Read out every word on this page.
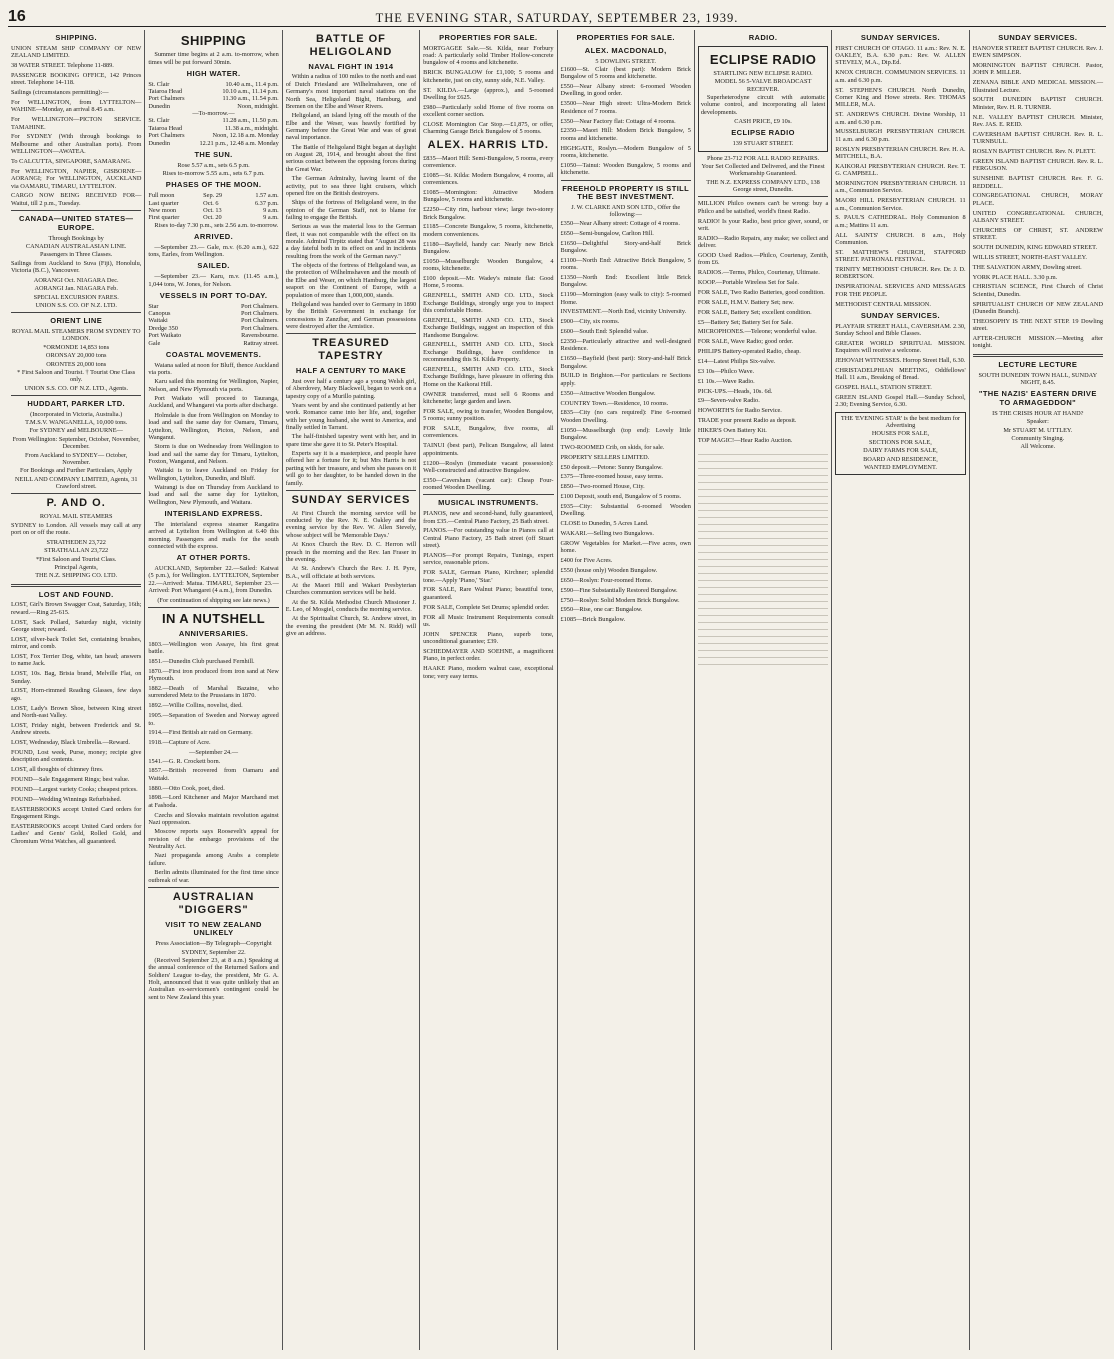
16	THE EVENING STAR, SATURDAY, SEPTEMBER 23, 1939.
SHIPPING.

UNION STEAM SHIP COMPANY OF NEW ZEALAND LIMITED.

38 WATER STREET. Telephone 11-889.

PASSENGER BOOKING OFFICE, 142 Princes street. Telephone 14-118.

Sailings (circumstances permitting):—

For WELLINGTON, from LYTTELTON—WAHINE—Monday, an arrival 8.45 a.m.

For WELLINGTON—PICTON SERVICE. TAMAHINE.

For SYDNEY (With through bookings to Melbourne and other Australian ports). From WELLINGTON—AWATEA.

To CALCUTTA, SINGAPORE, SAMARANG.

For WELLINGTON, NAPIER, GISBORNE—AORANGI; For WELLINGTON, AUCKLAND via OAMARU, TIMARU, LYTTELTON.

CARGO NOW BEING RECEIVED FOR— Waitui, till 2 p.m., Tuesday.

CANADA—UNITED STATES— EUROPE.

Through Bookings by

CANADIAN AUSTRALASIAN LINE.

Passengers in Three Classes.

Sailings from Auckland to Suva (Fiji), Honolulu, Victoria (B.C.), Vancouver.

AORANGI Oct. NIAGARA Dec.

AORANGI Jan. NIAGARA Feb.

SPECIAL EXCURSION FARES.

UNION S.S. CO. OF N.Z. LTD.

ORIENT LINE

ROYAL MAIL STEAMERS FROM SYDNEY TO LONDON.

*ORMONDE 14,853 tons

ORONSAY 20,000 tons

ORONTES 20,000 tons

* First Saloon and Tourist. † Tourist One Class only.

UNION S.S. CO. OF N.Z. LTD., Agents.

HUDDART, PARKER LTD.

(Incorporated in Victoria, Australia.)

T.M.S.V. WANGANELLA, 10,000 tons.

For SYDNEY and MELBOURNE—

From Wellington: September, October, November, December.

From Auckland to SYDNEY— October, November.

For Bookings and Further Particulars, Apply

NEILL AND COMPANY LIMITED, Agents, 31 Crawford street.

P. AND O.

ROYAL MAIL STEAMERS

SYDNEY to London. All vessels may call at any port on or off the route.

STRATHEDEN 23,722

STRATHALLAN 23,722

*First Saloon and Tourist Class.

Principal Agents,

THE N.Z. SHIPPING CO. LTD.

LOST AND FOUND.

LOST, Girl's Brown Swagger Coat, Saturday, 16th; reward.—Ring 25-615.

LOST, Sack Pollard, Saturday night, vicinity George street; reward.

LOST, silver-back Toilet Set, containing brushes, mirror, and comb.

LOST, Fox Terrier Dog, white, tan head; answers to name Jack.

LOST, 10s. Bag, Brisia brand, Melville Flat, on Sunday.

LOST, Horn-rimmed Reading Glasses, few days ago.

LOST, Lady's Brown Shoe, between King street and North-east Valley.

LOST, Friday night, between Frederick and St. Andrew streets.

LOST, Wednesday, Black Umbrella.—Reward.

FOUND, Lost week, Purse, money; recipie give description and contents.

LOST, all thoughts of chimney fires.

FOUND—Sale Engagement Rings; best value.

FOUND—Largest variety Cooks; cheapest prices.

FOUND—Wedding Winnings Refurbished.

EASTERBROOKS accept United Card orders for Engagement Rings.

EASTERBROOKS accept United Card orders for Ladies' and Gents' Gold, Rolled Gold, and Chromium Wrist Watches, all guaranteed.

SHIPPING

Summer time begins at 2 a.m. to-morrow, when times will be put forward 30min.

HIGH WATER.
St. Clair	10.40 a.m., 11.4 p.m.
Taiaroa Head	10.10 a.m., 11.14 p.m.
Port Chalmers	11.30 a.m., 11.54 p.m.
Dunedin	Noon, midnight.
—To-morrow.—	
St. Clair	11.28 a.m., 11.50 p.m.
Taiaroa Head	11.38 a.m., midnight.
Port Chalmers	Noon, 12.18 a.m. Monday
Dunedin	12.21 p.m., 12.48 a.m. Monday
THE SUN.

Rose 5.57 a.m., sets 6.5 p.m.

Rises to-morrow 5.55 a.m., sets 6.7 p.m.

PHASES OF THE MOON.
Full moon	Sep. 29	1.57 a.m.
Last quarter	Oct. 6	6.37 p.m.
New moon	Oct. 13	9 a.m.
First quarter	Oct. 20	9 a.m.

Rises to-day 7.30 p.m., sets 2.56 a.m. to-morrow.

ARRIVED.

—September 23.— Gale, m.v. (6.20 a.m.), 622 tons, Earles, from Wellington.

SAILED.

—September 23.— Karu, m.v. (11.45 a.m.), 1,044 tons, W. Jones, for Nelson.

VESSELS IN PORT TO-DAY.
Star	Port Chalmers.
Canopus	Port Chalmers.
Waitaki	Port Chalmers.
Dredge 350	Port Chalmers.
Port Waikato	Ravensbourne.
Gale	Rattray street.
COASTAL MOVEMENTS.

Waiana sailed at noon for Bluff, thence Auckland via ports.

Karu sailed this morning for Wellington, Napier, Nelson, and New Plymouth via ports.

Port Waikato will proceed to Tauranga, Auckland, and Whangarei via ports after discharge.

Holmdale is due from Wellington on Monday to load and sail the same day for Oamaru, Timaru, Lyttelton, Wellington, Picton, Nelson, and Wanganui.

Storm is due on Wednesday from Wellington to load and sail the same day for Timaru, Lyttelton, Foxton, Wanganui, and Nelson.

Waitaki is to leave Auckland on Friday for Wellington, Lyttelton, Dunedin, and Bluff.

Wairangi is due on Thursday from Auckland to load and sail the same day for Lyttelton, Wellington, New Plymouth, and Waitara.

INTERISLAND EXPRESS.

The interisland express steamer Rangatira arrived at Lyttelton from Wellington at 6.40 this morning. Passengers and mails for the south connected with the express.

AT OTHER PORTS.

AUCKLAND, September 22.—Sailed: Kaiwai (5 p.m.), for Wellington. LYTTELTON, September 22.—Arrived: Matua. TIMARU, September 23.—Arrived: Port Whangarei (4 a.m.), from Dunedin.

(For continuation of shipping see late news.)

IN A NUTSHELL
ANNIVERSARIES.

1803.—Wellington won Assaye, his first great battle.

1851.—Dunedin Club purchased Fernhill.

1870.—First iron produced from iron sand at New Plymouth.

1882.—Death of Marshal Bazaine, who surrendered Metz to the Prussians in 1870.

1892.—Willie Collins, novelist, died.

1905.—Separation of Sweden and Norway agreed to.

1914.—First British air raid on Germany.

1918.—Capture of Acre.

—September 24.—

1541.—G. R. Crockett born.

1857.—British recovered from Oamaru and Waitaki.

1880.—Otto Cook, poet, died.

1898.—Lord Kitchener and Major Marchand met at Fashoda.

Czechs and Slovaks maintain revolution against Nazi oppression.

Moscow reports says Roosevelt's appeal for revision of the embargo provisions of the Neutrality Act.

Nazi propaganda among Arabs a complete failure.

Berlin admits illuminated for the first time since outbreak of war.

AUSTRALIAN "DIGGERS"
VISIT TO NEW ZEALAND UNLIKELY

Press Association—By Telegraph—Copyright

SYDNEY, September 22.

(Received September 23, at 8 a.m.) Speaking at the annual conference of the Returned Sailors and Soldiers' League to-day, the president, Mr G. A. Holt, announced that it was quite unlikely that an Australian ex-servicemen's contingent could be sent to New Zealand this year.

BATTLE OF HELIGOLAND
NAVAL FIGHT IN 1914

Within a radius of 100 miles to the north and east of Dutch Friesland are Wilhelmshaven, one of Germany's most important naval stations on the North Sea, Heligoland Bight, Hamburg, and Bremen on the Elbe and Weser Rivers.

Heligoland, an island lying off the mouth of the Elbe and the Weser, was heavily fortified by Germany before the Great War and was of great naval importance.

The Battle of Heligoland Bight began at daylight on August 28, 1914, and brought about the first serious contact between the opposing forces during the Great War.

The German Admiralty, having learnt of the activity, put to sea three light cruisers, which opened fire on the British destroyers.

Ships of the fortress of Heligoland were, in the opinion of the German Staff, not to blame for failing to engage the British.

Serious as was the material loss to the German fleet, it was not comparable with the effect on its morale. Admiral Tirpitz stated that "August 28 was a day fateful both in its effect on and in incidents resulting from the work of the German navy."

The objects of the fortress of Heligoland was, as the protection of Wilhelmshaven and the mouth of the Elbe and Weser, on which Hamburg, the largest seaport on the Continent of Europe, with a population of more than 1,000,000, stands.

Heligoland was handed over to Germany in 1890 by the British Government in exchange for concessions in Zanzibar, and German possessions were destroyed after the Armistice.

TREASURED TAPESTRY
HALF A CENTURY TO MAKE

Just over half a century ago a young Welsh girl, of Aberdovey, Mary Blackwell, began to work on a tapestry copy of a Murillo painting.

Years went by and she continued patiently at her work. Romance came into her life, and, together with her young husband, she went to America, and finally settled in Tarrant.

The half-finished tapestry went with her, and in spare time she gave it to St. Peter's Hospital.

Experts say it is a masterpiece, and people have offered her a fortune for it; but Mrs Harris is not parting with her treasure, and when she passes on it will go to her daughter, to be handed down in the family.

SUNDAY SERVICES

At First Church the morning service will be conducted by the Rev. N. E. Oakley and the evening service by the Rev. W. Allen Stevely, whose subject will be 'Memorable Days.'

At Knox Church the Rev. D. C. Herron will preach in the morning and the Rev. Ian Fraser in the evening.

At St. Andrew's Church the Rev. J. H. Pyre, B.A., will officiate at both services.

At the Maori Hill and Wakari Presbyterian Churches communion services will be held.

At the St. Kilda Methodist Church Missioner J. E. Leo, of Mosgiel, conducts the morning service.

At the Spiritualist Church, St. Andrew street, in the evening the president (Mr M. N. Ridd) will give an address.

PROPERTIES FOR SALE.

MORTGAGEE Sale.—St. Kilda, near Forbury road: A particularly solid Timber Hollow-concrete bungalow of 4 rooms and kitchenette.

BRICK BUNGALOW for £1,100; 5 rooms and kitchenette, just on city, sunny side, N.E. Valley.

ST. KILDA.—Large (approx.), and 5-roomed Dwelling for £625.

£980—Particularly solid Home of five rooms on excellent corner section.

CLOSE Mornington Car Stop.—£1,875, or offer, Charming Garage Brick Bungalow of 5 rooms.

ALEX. HARRIS LTD.

£835—Maori Hill: Semi-Bungalow, 5 rooms, every convenience.

£1085—St. Kilda: Modern Bungalow, 4 rooms, all conveniences.

£1085—Mornington: Attractive Modern Bungalow, 5 rooms and kitchenette.

£2250—City rim, harbour view; large two-storey Brick Bungalow.

£1185—Concrete Bungalow, 5 rooms, kitchenette, modern conveniences.

£1180—Bayfield, handy car: Nearly new Brick Bungalow.

£1050—Musselburgh: Wooden Bungalow, 4 rooms, kitchenette.

£100 deposit.—Mr. Wadey's minute flat: Good Home, 5 rooms.

GRENFELL, SMITH AND CO. LTD., Stock Exchange Buildings, strongly urge you to inspect this comfortable Home.

GRENFELL, SMITH AND CO. LTD., Stock Exchange Buildings, suggest an inspection of this Handsome Bungalow.

GRENFELL, SMITH AND CO. LTD., Stock Exchange Buildings, have confidence in recommending this St. Kilda Property.

GRENFELL, SMITH AND CO. LTD., Stock Exchange Buildings, have pleasure in offering this Home on the Kaikorai Hill.

OWNER transferred, must sell 6 Rooms and kitchenette; large garden and lawn.

FOR SALE, owing to transfer, Wooden Bungalow, 5 rooms; sunny position.

FOR SALE, Bungalow, five rooms, all conveniences.

TAINUI (best part), Pelican Bungalow, all latest appointments.

£1200—Roslyn (immediate vacant possession): Well-constructed and attractive Bungalow.

£350—Caversham (vacant car): Cheap Four-roomed Wooden Dwelling.

MUSICAL INSTRUMENTS.

PIANOS, new and second-hand, fully guaranteed, from £35.—Central Piano Factory, 25 Bath street.

PIANOS.—For outstanding value in Pianos call at Central Piano Factory, 25 Bath street (off Stuart street).

PIANOS—For prompt Repairs, Tunings, expert service, reasonable prices.

FOR SALE, German Piano, Kirchner; splendid tone.—Apply 'Piano,' 'Star.'

FOR SALE, Rare Walnut Piano; beautiful tone, guaranteed.

FOR SALE, Complete Set Drums; splendid order.

FOR all Music Instrument Requirements consult us.

JOHN SPENCER Piano, superb tone, unconditional guarantee; £39.

SCHIEDMAYER AND SOEHNE, a magnificent Piano, in perfect order.

HAAKE Piano, modern walnut case, exceptional tone; very easy terms.

PROPERTIES FOR SALE.
ALEX. MACDONALD,

5 DOWLING STREET.

£1600—St. Clair (best part): Modern Brick Bungalow of 5 rooms and kitchenette.

£550—Near Albany street: 6-roomed Wooden Dwelling, in good order.

£3500—Near High street: Ultra-Modern Brick Residence of 7 rooms.

£350—Near Factory flat: Cottage of 4 rooms.

£2350—Maori Hill: Modern Brick Bungalow, 5 rooms and kitchenette.

HIGHGATE, Roslyn.—Modern Bungalow of 5 rooms, kitchenette.

£1050—Tainui: Wooden Bungalow, 5 rooms and kitchenette.

FREEHOLD PROPERTY IS STILL THE BEST INVESTMENT.

J. W. CLARKE AND SON LTD., Offer the following:—

£350—Near Albany street: Cottage of 4 rooms.

£650—Semi-bungalow, Carlton Hill.

£1650—Delightful Story-and-half Brick Bungalow.

£1100—North End: Attractive Brick Bungalow, 5 rooms.

£1350—North End: Excellent little Brick Bungalow.

£1190—Mornington (easy walk to city): 5-roomed Home.

INVESTMENT.—North End, vicinity University.

£900—City, six rooms.

£600—South End: Splendid value.

£2350—Particularly attractive and well-designed Residence.

£1650—Bayfield (best part): Story-and-half Brick Bungalow.

BUILD in Brighton.—For particulars re Sections apply.

£350—Attractive Wooden Bungalow.

COUNTRY Town.—Residence, 10 rooms.

£835—City (no cars required): Fine 6-roomed Wooden Dwelling.

£1050—Musselburgh (top end): Lovely little Bungalow.

TWO-ROOMED Crib, on skids, for sale.

PROPERTY SELLERS LIMITED.

£50 deposit.—Petone: Sunny Bungalow.

£375—Three-roomed house, easy terms.

£850—Two-roomed House, City.

£100 Deposit, south end, Bungalow of 5 rooms.

£935—City: Substantial 6-roomed Wooden Dwelling.

CLOSE to Dunedin, 5 Acres Land.

WAKARI.—Selling two Bungalows.

GROW Vegetables for Market.—Five acres, own home.

£400 for Five Acres.

£550 (house only) Wooden Bungalow.

£650—Roslyn: Four-roomed Home.

£590—Fine Substantially Restored Bungalow.

£750—Roslyn: Solid Modern Brick Bungalow.

£950—Rise, one car: Bungalow.

£1085—Brick Bungalow.

RADIO.
ECLIPSE RADIO

STARTLING NEW ECLIPSE RADIO.

MODEL 56 5-VALVE BROADCAST RECEIVER.

Superheterodyne circuit with automatic volume control, and incorporating all latest developments.

CASH PRICE, £9 10s.

ECLIPSE RADIO

139 STUART STREET.

Phone 23-712 FOR ALL RADIO REPAIRS.

Your Set Collected and Delivered, and the Finest Workmanship Guaranteed.

THE N.Z. EXPRESS COMPANY LTD., 138 George street, Dunedin.

MILLION Philco owners can't be wrong: buy a Philco and be satisfied, world's finest Radio.

RADIO! Is your Radio, best price giver, sound, or writ.

RADIO—Radio Repairs, any make; we collect and deliver.

GOOD Used Radios.—Philco, Courtenay, Zenith, from £6.

RADIOS.—Terms, Philco, Courtenay, Ultimate.

KOOP.—Portable Wireless Set for Sale.

FOR SALE, Two Radio Batteries, good condition.

FOR SALE, H.M.V. Battery Set; new.

FOR SALE, Battery Set; excellent condition.

£5—Battery Set; Battery Set for Sale.

MICROPHONES.—Teleone; wonderful value.

FOR SALE, Wave Radio; good order.

PHILIPS Battery-operated Radio, cheap.

£14—Latest Philips Six-valve.

£3 10s—Philco Wave.

£1 10s.—Wave Radio.

PICK-UPS.—Heads, 10s. 6d.

£9—Seven-valve Radio.

HOWORTH'S for Radio Service.

TRADE your present Radio as deposit.

HIKER'S Own Battery Kit.

TOP MAGIC!—Hear Radio Auction.

SUNDAY SERVICES.

FIRST CHURCH OF OTAGO. 11 a.m.: Rev. N. E. OAKLEY, B.A. 6.30 p.m.: Rev. W. ALLEN STEVELY, M.A., Dip.Ed.

KNOX CHURCH. COMMUNION SERVICES. 11 a.m. and 6.30 p.m.

ST. STEPHEN'S CHURCH. North Dunedin, Corner King and Howe streets. Rev. THOMAS MILLER, M.A.

ST. ANDREW'S CHURCH. Divine Worship, 11 a.m. and 6.30 p.m.

MUSSELBURGH PRESBYTERIAN CHURCH. 11 a.m. and 6.30 p.m.

ROSLYN PRESBYTERIAN CHURCH. Rev. H. A. MITCHELL, B.A.

KAIKORAI PRESBYTERIAN CHURCH. Rev. T. G. CAMPBELL.

MORNINGTON PRESBYTERIAN CHURCH. 11 a.m., Communion Service.

MAORI HILL PRESBYTERIAN CHURCH. 11 a.m., Communion Service.

S. PAUL'S CATHEDRAL. Holy Communion 8 a.m.; Mattins 11 a.m.

ALL SAINTS' CHURCH. 8 a.m., Holy Communion.

ST. MATTHEW'S CHURCH, STAFFORD STREET. PATRONAL FESTIVAL.

TRINITY METHODIST CHURCH. Rev. Dr. J. D. ROBERTSON.

INSPIRATIONAL SERVICES AND MESSAGES FOR THE PEOPLE.

METHODIST CENTRAL MISSION.

SUNDAY SERVICES.

PLAYFAIR STREET HALL, CAVERSHAM. 2.30, Sunday School and Bible Classes.

GREATER WORLD SPIRITUAL MISSION. Enquirers will receive a welcome.

JEHOVAH WITNESSES. Horrop Street Hall, 6.30.

CHRISTADELPHIAN MEETING, Oddfellows' Hall. 11 a.m., Breaking of Bread.

GOSPEL HALL, STATION STREET.

GREEN ISLAND Gospel Hall.—Sunday School, 2.30; Evening Service, 6.30.

THE 'EVENING STAR' is the best medium for Advertising

HOUSES FOR SALE,

SECTIONS FOR SALE,

DAIRY FARMS FOR SALE,

BOARD AND RESIDENCE,

WANTED EMPLOYMENT.

SUNDAY SERVICES.

HANOVER STREET BAPTIST CHURCH. Rev. J. EWEN SIMPSON.

MORNINGTON BAPTIST CHURCH. Pastor, JOHN P. MILLER.

ZENANA BIBLE AND MEDICAL MISSION.—Illustrated Lecture.

SOUTH DUNEDIN BAPTIST CHURCH. Minister, Rev. H. R. TURNER.

N.E. VALLEY BAPTIST CHURCH. Minister, Rev. JAS. E. REID.

CAVERSHAM BAPTIST CHURCH. Rev. R. L. TURNBULL.

ROSLYN BAPTIST CHURCH. Rev. N. PLETT.

GREEN ISLAND BAPTIST CHURCH. Rev. R. L. FERGUSON.

SUNSHINE BAPTIST CHURCH. Rev. F. G. REDDELL.

CONGREGATIONAL CHURCH, MORAY PLACE.

UNITED CONGREGATIONAL CHURCH, ALBANY STREET.

CHURCHES OF CHRIST, ST. ANDREW STREET.

SOUTH DUNEDIN, KING EDWARD STREET.

WILLIS STREET, NORTH-EAST VALLEY.

THE SALVATION ARMY, Dowling street.

YORK PLACE HALL. 3.30 p.m.

CHRISTIAN SCIENCE, First Church of Christ Scientist, Dunedin.

SPIRITUALIST CHURCH OF NEW ZEALAND (Dunedin Branch).

THEOSOPHY IS THE NEXT STEP. 19 Dowling street.

AFTER-CHURCH MISSION.—Meeting after tonight.

LECTURE LECTURE

SOUTH DUNEDIN TOWN HALL, SUNDAY NIGHT, 8.45.

"THE NAZIS' EASTERN DRIVE TO ARMAGEDDON"

IS THE CRISIS HOUR AT HAND?

Speaker:

Mr STUART M. UTTLEY.

Community Singing.

All Welcome.
